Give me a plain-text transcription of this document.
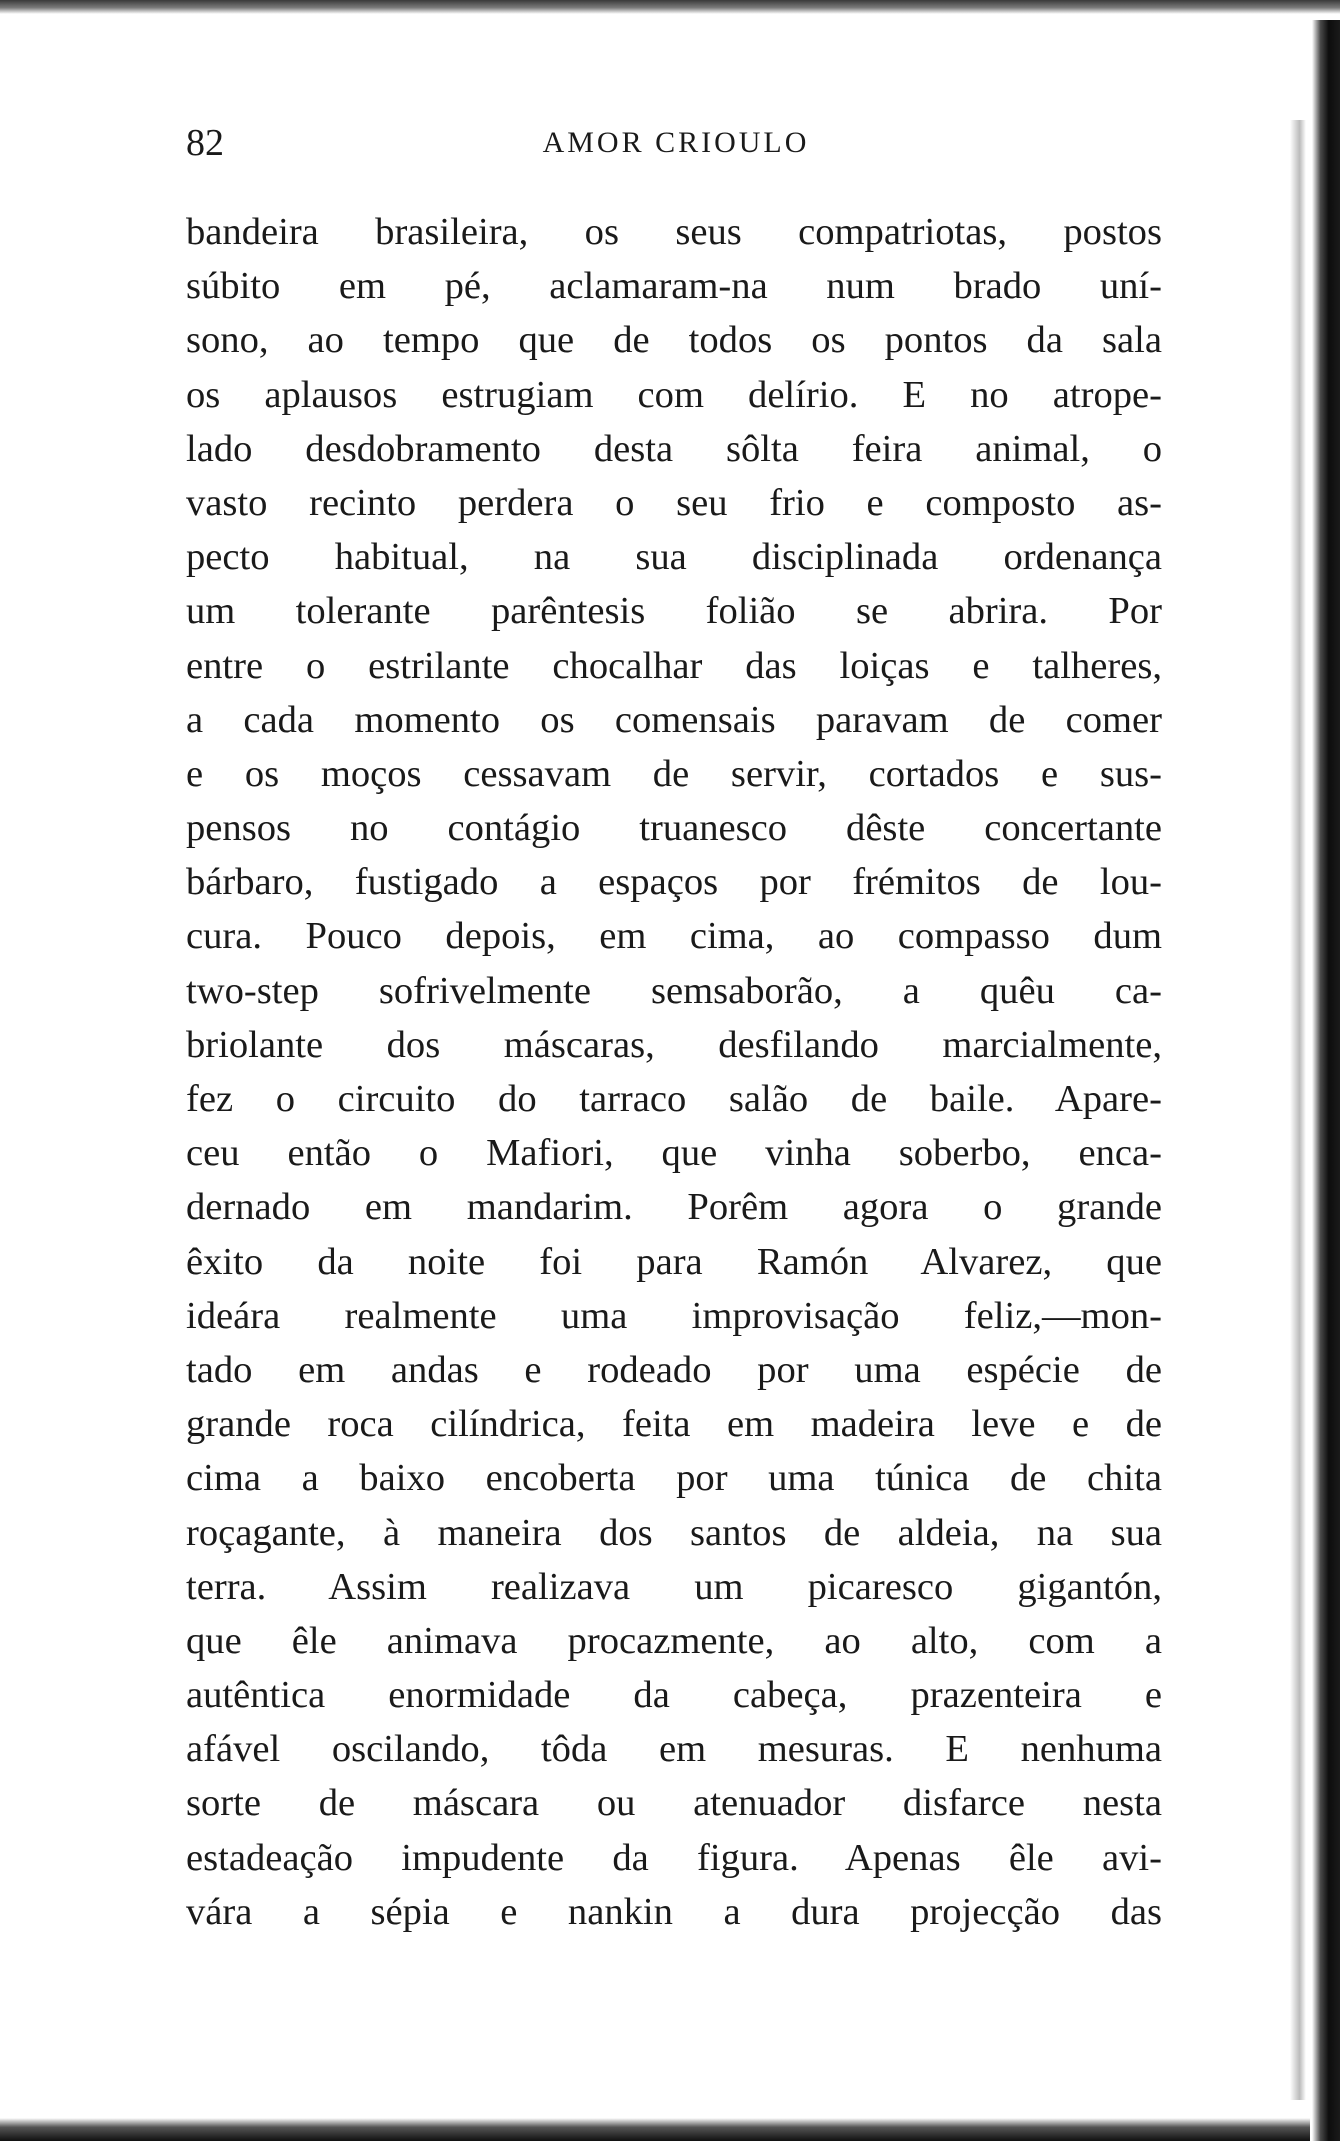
82	AMOR CRIOULO

bandeira brasileira, os seus compatriotas, postos
súbito em pé, aclamaram-na num brado uní-
sono, ao tempo que de todos os pontos da sala
os aplausos estrugiam com delírio. E no atrope-
lado desdobramento desta sôlta feira animal, o
vasto recinto perdera o seu frio e composto as-
pecto habitual, na sua disciplinada ordenança
um tolerante parêntesis folião se abrira. Por
entre o estrilante chocalhar das loiças e talheres,
a cada momento os comensais paravam de comer
e os moços cessavam de servir, cortados e sus-
pensos no contágio truanesco dêste concertante
bárbaro, fustigado a espaços por frémitos de lou-
cura. Pouco depois, em cima, ao compasso dum
two-step sofrivelmente semsaborão, a quêu ca-
briolante dos máscaras, desfilando marcialmente,
fez o circuito do tarraco salão de baile. Apare-
ceu então o Mafiori, que vinha soberbo, enca-
dernado em mandarim. Porêm agora o grande
êxito da noite foi para Ramón Alvarez, que
ideára realmente uma improvisação feliz,—mon-
tado em andas e rodeado por uma espécie de
grande roca cilíndrica, feita em madeira leve e de
cima a baixo encoberta por uma túnica de chita
roçagante, à maneira dos santos de aldeia, na sua
terra. Assim realizava um picaresco gigantón,
que êle animava procazmente, ao alto, com a
autêntica enormidade da cabeça, prazenteira e
afável oscilando, tôda em mesuras. E nenhuma
sorte de máscara ou atenuador disfarce nesta
estadeação impudente da figura. Apenas êle avi-
vára a sépia e nankin a dura projecção das
